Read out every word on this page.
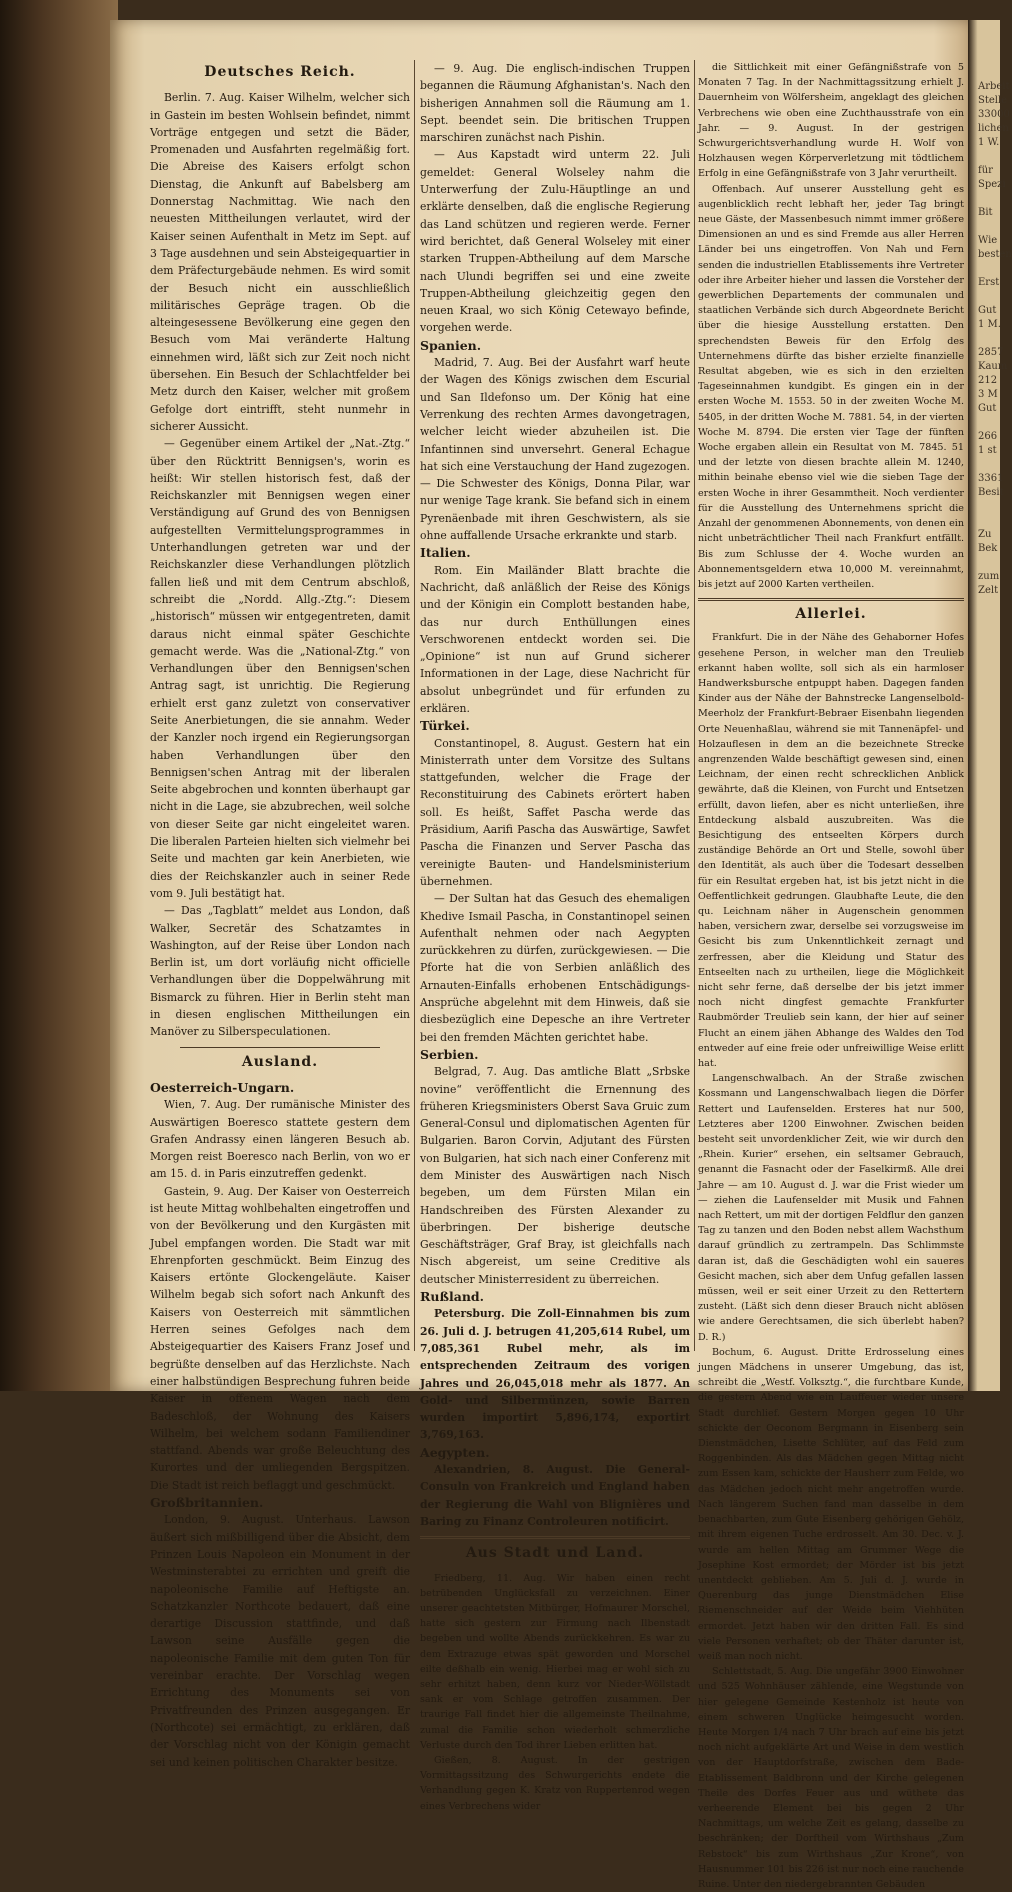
Arbeit
Stelle
33000
lichen
1 W.

für
Spezi

Bit

Wie
besten

Erst

Gut
1 M.

2857
Kaum
212
3 M
Gut

266
1 st

3361
Besit

Zu
Bek

zum
Zelt
Deutsches Reich.

Berlin. 7. Aug. Kaiser Wilhelm, welcher sich in Gastein im besten Wohlsein befindet, nimmt Vorträge entgegen und setzt die Bäder, Promenaden und Ausfahrten regelmäßig fort. Die Abreise des Kaisers erfolgt schon Dienstag, die Ankunft auf Babelsberg am Donnerstag Nachmittag. Wie nach den neuesten Mittheilungen verlautet, wird der Kaiser seinen Aufenthalt in Metz im Sept. auf 3 Tage ausdehnen und sein Absteigequartier in dem Präfecturgebäude nehmen. Es wird somit der Besuch nicht ein ausschließlich militärisches Gepräge tragen. Ob die alteingesessene Bevölkerung eine gegen den Besuch vom Mai veränderte Haltung einnehmen wird, läßt sich zur Zeit noch nicht übersehen. Ein Besuch der Schlachtfelder bei Metz durch den Kaiser, welcher mit großem Gefolge dort eintrifft, steht nunmehr in sicherer Aussicht.

— Gegenüber einem Artikel der „Nat.-Ztg.“ über den Rücktritt Bennigsen's, worin es heißt: Wir stellen historisch fest, daß der Reichskanzler mit Bennigsen wegen einer Verständigung auf Grund des von Bennigsen aufgestellten Vermittelungsprogrammes in Unterhandlungen getreten war und der Reichskanzler diese Verhandlungen plötzlich fallen ließ und mit dem Centrum abschloß, schreibt die „Nordd. Allg.-Ztg.“: Diesem „historisch“ müssen wir entgegentreten, damit daraus nicht einmal später Geschichte gemacht werde. Was die „National-Ztg.“ von Verhandlungen über den Bennigsen'schen Antrag sagt, ist unrichtig. Die Regierung erhielt erst ganz zuletzt von conservativer Seite Anerbietungen, die sie annahm. Weder der Kanzler noch irgend ein Regierungsorgan haben Verhandlungen über den Bennigsen'schen Antrag mit der liberalen Seite abgebrochen und konnten überhaupt gar nicht in die Lage, sie abzubrechen, weil solche von dieser Seite gar nicht eingeleitet waren. Die liberalen Parteien hielten sich vielmehr bei Seite und machten gar kein Anerbieten, wie dies der Reichskanzler auch in seiner Rede vom 9. Juli bestätigt hat.

— Das „Tagblatt“ meldet aus London, daß Walker, Secretär des Schatzamtes in Washington, auf der Reise über London nach Berlin ist, um dort vorläufig nicht officielle Verhandlungen über die Doppelwährung mit Bismarck zu führen. Hier in Berlin steht man in diesen englischen Mittheilungen ein Manöver zu Silberspeculationen.

Ausland.
Oesterreich-Ungarn.

Wien, 7. Aug. Der rumänische Minister des Auswärtigen Boeresco stattete gestern dem Grafen Andrassy einen längeren Besuch ab. Morgen reist Boeresco nach Berlin, von wo er am 15. d. in Paris einzutreffen gedenkt.

Gastein, 9. Aug. Der Kaiser von Oesterreich ist heute Mittag wohlbehalten eingetroffen und von der Bevölkerung und den Kurgästen mit Jubel empfangen worden. Die Stadt war mit Ehrenpforten geschmückt. Beim Einzug des Kaisers ertönte Glockengeläute. Kaiser Wilhelm begab sich sofort nach Ankunft des Kaisers von Oesterreich mit sämmtlichen Herren seines Gefolges nach dem Absteigequartier des Kaisers Franz Josef und begrüßte denselben auf das Herzlichste. Nach einer halbstündigen Besprechung fuhren beide Kaiser in offenem Wagen nach dem Badeschloß, der Wohnung des Kaisers Wilhelm, bei welchem sodann Familiendiner stattfand. Abends war große Beleuchtung des Kurortes und der umliegenden Bergspitzen. Die Stadt ist reich beflaggt und geschmückt.

Großbritannien.

London, 9. August. Unterhaus. Lawson äußert sich mißbilligend über die Absicht, dem Prinzen Louis Napoleon ein Monument in der Westminsterabtei zu errichten und greift die napoleonische Familie auf Heftigste an. Schatzkanzler Northcote bedauert, daß eine derartige Discussion stattfinde, und daß Lawson seine Ausfälle gegen die napoleonische Familie mit dem guten Ton für vereinbar erachte. Der Vorschlag wegen Errichtung des Monuments sei von Privatfreunden des Prinzen ausgegangen. Er (Northcote) sei ermächtigt, zu erklären, daß der Vorschlag nicht von der Königin gemacht sei und keinen politischen Charakter besitze.

— 9. Aug. Die englisch-indischen Truppen begannen die Räumung Afghanistan's. Nach den bisherigen Annahmen soll die Räumung am 1. Sept. beendet sein. Die britischen Truppen marschiren zunächst nach Pishin.

— Aus Kapstadt wird unterm 22. Juli gemeldet: General Wolseley nahm die Unterwerfung der Zulu-Häuptlinge an und erklärte denselben, daß die englische Regierung das Land schützen und regieren werde. Ferner wird berichtet, daß General Wolseley mit einer starken Truppen-Abtheilung auf dem Marsche nach Ulundi begriffen sei und eine zweite Truppen-Abtheilung gleichzeitig gegen den neuen Kraal, wo sich König Cetewayo befinde, vorgehen werde.

Spanien.

Madrid, 7. Aug. Bei der Ausfahrt warf heute der Wagen des Königs zwischen dem Escurial und San Ildefonso um. Der König hat eine Verrenkung des rechten Armes davongetragen, welcher leicht wieder abzuheilen ist. Die Infantinnen sind unversehrt. General Echague hat sich eine Verstauchung der Hand zugezogen. — Die Schwester des Königs, Donna Pilar, war nur wenige Tage krank. Sie befand sich in einem Pyrenäenbade mit ihren Geschwistern, als sie ohne auffallende Ursache erkrankte und starb.

Italien.

Rom. Ein Mailänder Blatt brachte die Nachricht, daß anläßlich der Reise des Königs und der Königin ein Complott bestanden habe, das nur durch Enthüllungen eines Verschworenen entdeckt worden sei. Die „Opinione“ ist nun auf Grund sicherer Informationen in der Lage, diese Nachricht für absolut unbegründet und für erfunden zu erklären.

Türkei.

Constantinopel, 8. August. Gestern hat ein Ministerrath unter dem Vorsitze des Sultans stattgefunden, welcher die Frage der Reconstituirung des Cabinets erörtert haben soll. Es heißt, Saffet Pascha werde das Präsidium, Aarifi Pascha das Auswärtige, Sawfet Pascha die Finanzen und Server Pascha das vereinigte Bauten- und Handelsministerium übernehmen.

— Der Sultan hat das Gesuch des ehemaligen Khedive Ismail Pascha, in Constantinopel seinen Aufenthalt nehmen oder nach Aegypten zurückkehren zu dürfen, zurückgewiesen. — Die Pforte hat die von Serbien anläßlich des Arnauten-Einfalls erhobenen Entschädigungs-Ansprüche abgelehnt mit dem Hinweis, daß sie diesbezüglich eine Depesche an ihre Vertreter bei den fremden Mächten gerichtet habe.

Serbien.

Belgrad, 7. Aug. Das amtliche Blatt „Srbske novine“ veröffentlicht die Ernennung des früheren Kriegsministers Oberst Sava Gruic zum General-Consul und diplomatischen Agenten für Bulgarien. Baron Corvin, Adjutant des Fürsten von Bulgarien, hat sich nach einer Conferenz mit dem Minister des Auswärtigen nach Nisch begeben, um dem Fürsten Milan ein Handschreiben des Fürsten Alexander zu überbringen. Der bisherige deutsche Geschäftsträger, Graf Bray, ist gleichfalls nach Nisch abgereist, um seine Creditive als deutscher Ministerresident zu überreichen.

Rußland.

Petersburg. Die Zoll-Einnahmen bis zum 26. Juli d. J. betrugen 41,205,614 Rubel, um 7,085,361 Rubel mehr, als im entsprechenden Zeitraum des vorigen Jahres und 26,045,018 mehr als 1877. An Gold- und Silbermünzen, sowie Barren wurden importirt 5,896,174, exportirt 3,769,163.

Aegypten.

Alexandrien, 8. August. Die General-Consuln von Frankreich und England haben der Regierung die Wahl von Blignières und Baring zu Finanz Controleuren notificirt.

Aus Stadt und Land.

Friedberg, 11. Aug. Wir haben einen recht betrübenden Unglücksfall zu verzeichnen. Einer unserer geachtetsten Mitbürger, Hofmaurer Morschel, hatte sich gestern zur Firmung nach Ilbenstadt begeben und wollte Abends zurückkehren. Es war zu dem Extrazuge etwas spät geworden und Morschel eilte deßhalb ein wenig. Hierbei mag er wohl sich zu sehr erhitzt haben, denn kurz vor Nieder-Wöllstadt sank er vom Schlage getroffen zusammen. Der traurige Fall findet hier die allgemeinste Theilnahme, zumal die Familie schon wiederholt schmerzliche Verluste durch den Tod ihrer Lieben erlitten hat.

Gießen, 8. August. In der gestrigen Vormittagssitzung des Schwurgerichts endete die Verhandlung gegen K. Kratz von Ruppertenrod wegen eines Verbrechens wider

die Sittlichkeit mit einer Gefängnißstrafe von 5 Monaten 7 Tag. In der Nachmittagssitzung erhielt J. Dauernheim von Wölfersheim, angeklagt des gleichen Verbrechens wie oben eine Zuchthausstrafe von ein Jahr. — 9. August. In der gestrigen Schwurgerichtsverhandlung wurde H. Wolf von Holzhausen wegen Körperverletzung mit tödtlichem Erfolg in eine Gefängnißstrafe von 3 Jahr verurtheilt.

Offenbach. Auf unserer Ausstellung geht es augenblicklich recht lebhaft her, jeder Tag bringt neue Gäste, der Massenbesuch nimmt immer größere Dimensionen an und es sind Fremde aus aller Herren Länder bei uns eingetroffen. Von Nah und Fern senden die industriellen Etablissements ihre Vertreter oder ihre Arbeiter hieher und lassen die Vorsteher der gewerblichen Departements der communalen und staatlichen Verbände sich durch Abgeordnete Bericht über die hiesige Ausstellung erstatten. Den sprechendsten Beweis für den Erfolg des Unternehmens dürfte das bisher erzielte finanzielle Resultat abgeben, wie es sich in den erzielten Tageseinnahmen kundgibt. Es gingen ein in der ersten Woche M. 1553. 50 in der zweiten Woche M. 5405, in der dritten Woche M. 7881. 54, in der vierten Woche M. 8794. Die ersten vier Tage der fünften Woche ergaben allein ein Resultat von M. 7845. 51 und der letzte von diesen brachte allein M. 1240, mithin beinahe ebenso viel wie die sieben Tage der ersten Woche in ihrer Gesammtheit. Noch verdienter für die Ausstellung des Unternehmens spricht die Anzahl der genommenen Abonnements, von denen ein nicht unbeträchtlicher Theil nach Frankfurt entfällt. Bis zum Schlusse der 4. Woche wurden an Abonnementsgeldern etwa 10,000 M. vereinnahmt, bis jetzt auf 2000 Karten vertheilen.

Allerlei.

Frankfurt. Die in der Nähe des Gehaborner Hofes gesehene Person, in welcher man den Treulieb erkannt haben wollte, soll sich als ein harmloser Handwerksbursche entpuppt haben. Dagegen fanden Kinder aus der Nähe der Bahnstrecke Langenselbold-Meerholz der Frankfurt-Bebraer Eisenbahn liegenden Orte Neuenhaßlau, während sie mit Tannenäpfel- und Holzauflesen in dem an die bezeichnete Strecke angrenzenden Walde beschäftigt gewesen sind, einen Leichnam, der einen recht schrecklichen Anblick gewährte, daß die Kleinen, von Furcht und Entsetzen erfüllt, davon liefen, aber es nicht unterließen, ihre Entdeckung alsbald auszubreiten. Was die Besichtigung des entseelten Körpers durch zuständige Behörde an Ort und Stelle, sowohl über den Identität, als auch über die Todesart desselben für ein Resultat ergeben hat, ist bis jetzt nicht in die Oeffentlichkeit gedrungen. Glaubhafte Leute, die den qu. Leichnam näher in Augenschein genommen haben, versichern zwar, derselbe sei vorzugsweise im Gesicht bis zum Unkenntlichkeit zernagt und zerfressen, aber die Kleidung und Statur des Entseelten nach zu urtheilen, liege die Möglichkeit nicht sehr ferne, daß derselbe der bis jetzt immer noch nicht dingfest gemachte Frankfurter Raubmörder Treulieb sein kann, der hier auf seiner Flucht an einem jähen Abhange des Waldes den Tod entweder auf eine freie oder unfreiwillige Weise erlitt hat.

Langenschwalbach. An der Straße zwischen Kossmann und Langenschwalbach liegen die Dörfer Rettert und Laufenselden. Ersteres hat nur 500, Letzteres aber 1200 Einwohner. Zwischen beiden besteht seit unvordenklicher Zeit, wie wir durch den „Rhein. Kurier“ ersehen, ein seltsamer Gebrauch, genannt die Fasnacht oder der Faselkirmß. Alle drei Jahre — am 10. August d. J. war die Frist wieder um — ziehen die Laufenselder mit Musik und Fahnen nach Rettert, um mit der dortigen Feldflur den ganzen Tag zu tanzen und den Boden nebst allem Wachsthum darauf gründlich zu zertrampeln. Das Schlimmste daran ist, daß die Geschädigten wohl ein saueres Gesicht machen, sich aber dem Unfug gefallen lassen müssen, weil er seit einer Urzeit zu den Rettertern zusteht. (Läßt sich denn dieser Brauch nicht ablösen wie andere Gerechtsamen, die sich überlebt haben? D. R.)

Bochum, 6. August. Dritte Erdrosselung eines jungen Mädchens in unserer Umgebung, das ist, schreibt die „Westf. Volksztg.“, die furchtbare Kunde, die gestern Abend wie ein Lauffeuer wieder unsere Stadt durchlief. Gestern Morgen gegen 10 Uhr schickte der Oeconom Bergmann in Eisenberg sein Dienstmädchen, Lisette Schlüter, auf das Feld zum Roggenbinden. Als das Mädchen gegen Mittag nicht zum Essen kam, schickte der Hausherr zum Felde, wo das Mädchen jedoch nicht mehr angetroffen wurde. Nach längerem Suchen fand man dasselbe in dem benachbarten, zum Gute Eisenberg gehörigen Gehölz, mit ihrem eigenen Tuche erdrosselt. Am 30. Dec. v. J. wurde am hellen Mittag am Grummer Wege die Josephine Kost ermordet; der Mörder ist bis jetzt unentdeckt geblieben. Am 5. Juli d. J. wurde in Querenburg das junge Dienstmädchen Elise Riemenschneider auf der Weide beim Viehhüten ermordet. Jetzt haben wir den dritten Fall. Es sind viele Personen verhaftet; ob der Thäter darunter ist, weiß man noch nicht.

Schlettstadt, 5. Aug. Die ungefähr 3900 Einwohner und 525 Wohnhäuser zählende, eine Wegstunde von hier gelegene Gemeinde Kestenholz ist heute von einem schweren Unglücke heimgesucht worden. Heute Morgen 1/4 nach 7 Uhr brach auf eine bis jetzt noch nicht aufgeklärte Art und Weise in dem westlich von der Hauptdorfstraße, zwischen dem Bade-Etablissement Baldbronn und der Kirche gelegenen Theile des Dorfes Feuer aus und wüthete das verheerende Element bei bis gegen 2 Uhr Nachmittags, um welche Zeit es gelang, dasselbe zu beschränken; der Dorftheil vom Wirthshaus „Zum Rebstock“ bis zum Wirthshaus „Zur Krone“, von Hausnummer 101 bis 226 ist nur noch eine rauchende Ruine. Unter den niedergebrannten Gebäuden
